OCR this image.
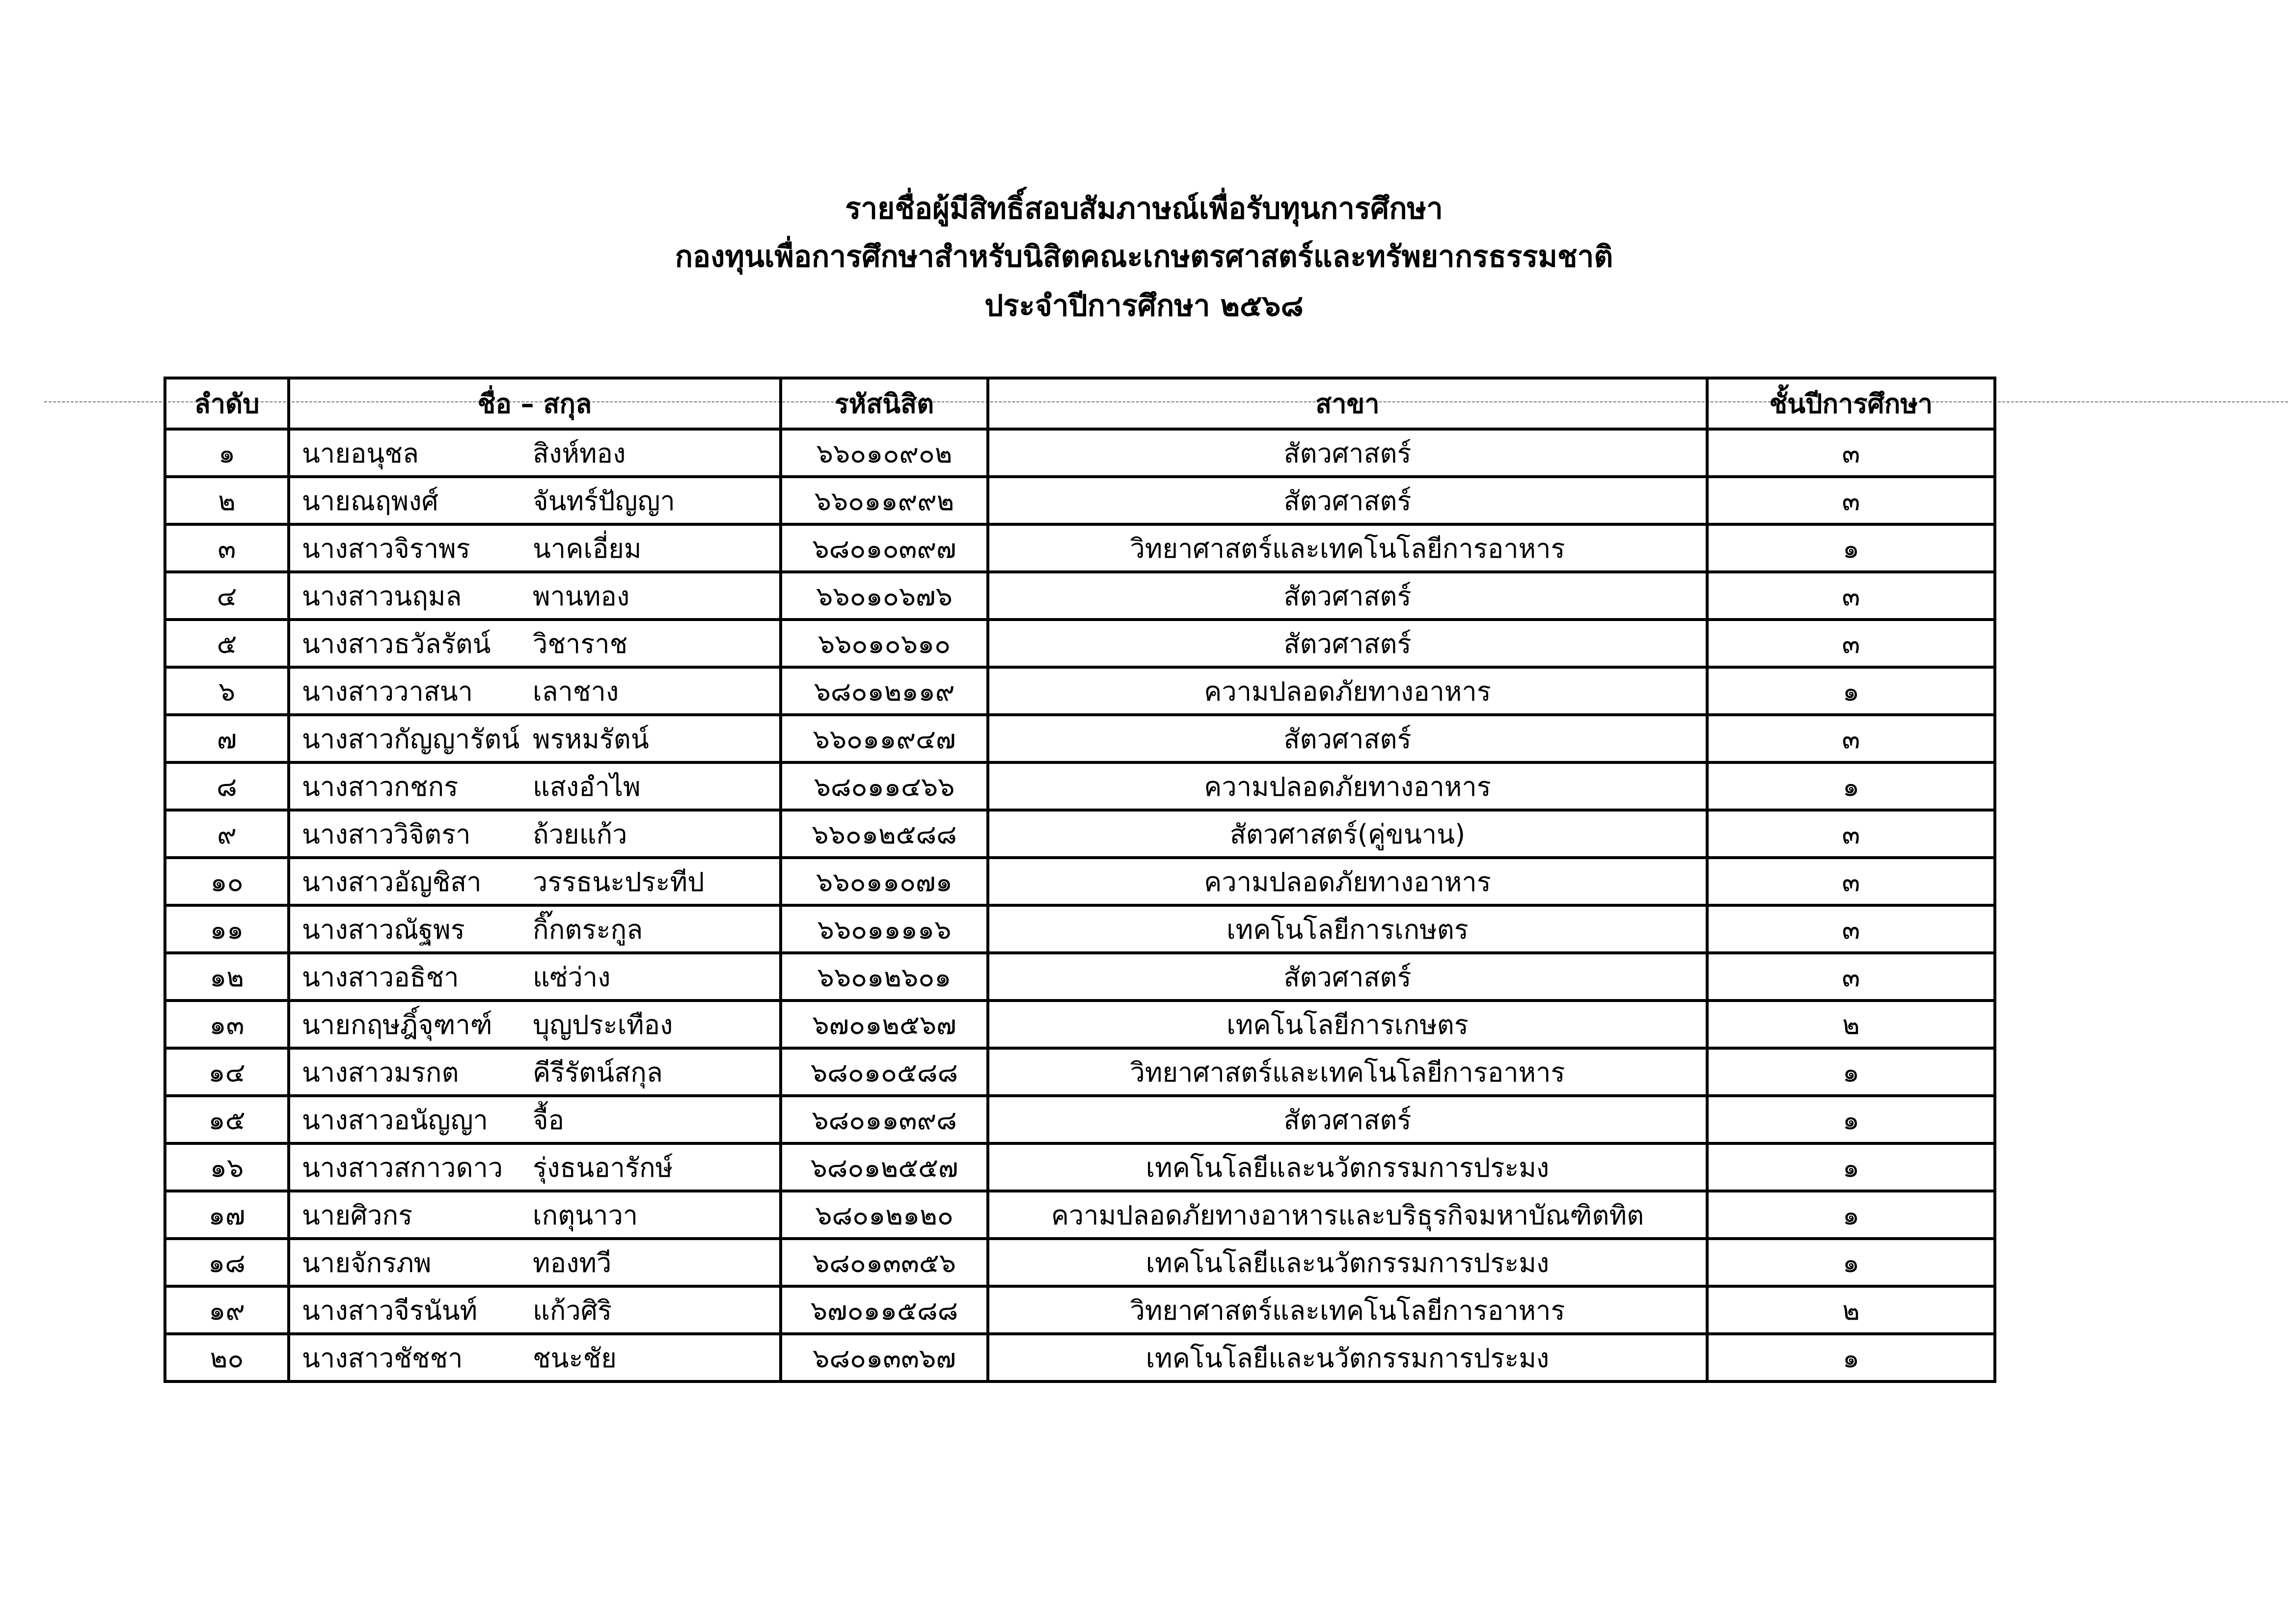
รายชื่อผู้มีสิทธิ์สอบสัมภาษณ์เพื่อรับทุนการศึกษา
กองทุนเพื่อการศึกษาสำหรับนิสิตคณะเกษตรศาสตร์และทรัพยากรธรรมชาติ
ประจำปีการศึกษา ๒๕๖๘
ลำดับ	ชื่อ – สกุล	รหัสนิสิต	สาขา	ชั้นปีการศึกษา
๑	นายอนุชล สิงห์ทอง	๖๖๐๑๐๙๐๒	สัตวศาสตร์	๓
๒	นายณฤพงศ์ จันทร์ปัญญา	๖๖๐๑๑๙๙๒	สัตวศาสตร์	๓
๓	นางสาวจิราพร นาคเอี่ยม	๖๘๐๑๐๓๙๗	วิทยาศาสตร์และเทคโนโลยีการอาหาร	๑
๔	นางสาวนฤมล พานทอง	๖๖๐๑๐๖๗๖	สัตวศาสตร์	๓
๕	นางสาวธวัลรัตน์ วิชาราช	๖๖๐๑๐๖๑๐	สัตวศาสตร์	๓
๖	นางสาววาสนา เลาชาง	๖๘๐๑๒๑๑๙	ความปลอดภัยทางอาหาร	๑
๗	นางสาวกัญญารัตน์ พรหมรัตน์	๖๖๐๑๑๙๔๗	สัตวศาสตร์	๓
๘	นางสาวกชกร แสงอำไพ	๖๘๐๑๑๔๖๖	ความปลอดภัยทางอาหาร	๑
๙	นางสาววิจิตรา ถ้วยแก้ว	๖๖๐๑๒๕๘๘	สัตวศาสตร์(คู่ขนาน)	๓
๑๐	นางสาวอัญชิสา วรรธนะประทีป	๖๖๐๑๑๐๗๑	ความปลอดภัยทางอาหาร	๓
๑๑	นางสาวณัฐพร กิ๊กตระกูล	๖๖๐๑๑๑๑๖	เทคโนโลยีการเกษตร	๓
๑๒	นางสาวอธิชา แซ่ว่าง	๖๖๐๑๒๖๐๑	สัตวศาสตร์	๓
๑๓	นายกฤษฎิ์จุฑาฑ์ บุญประเทือง	๖๗๐๑๒๕๖๗	เทคโนโลยีการเกษตร	๒
๑๔	นางสาวมรกต คีรีรัตน์สกุล	๖๘๐๑๐๕๘๘	วิทยาศาสตร์และเทคโนโลยีการอาหาร	๑
๑๕	นางสาวอนัญญา จื้อ	๖๘๐๑๑๓๙๘	สัตวศาสตร์	๑
๑๖	นางสาวสกาวดาว รุ่งธนอารักษ์	๖๘๐๑๒๕๕๗	เทคโนโลยีและนวัตกรรมการประมง	๑
๑๗	นายศิวกร เกตุนาวา	๖๘๐๑๒๑๒๐	ความปลอดภัยทางอาหารและบริธุรกิจมหาบัณฑิตทิต	๑
๑๘	นายจักรภพ ทองทวี	๖๘๐๑๓๓๕๖	เทคโนโลยีและนวัตกรรมการประมง	๑
๑๙	นางสาวจีรนันท์ แก้วศิริ	๖๗๐๑๑๕๘๘	วิทยาศาสตร์และเทคโนโลยีการอาหาร	๒
๒๐	นางสาวชัชชา ชนะชัย	๖๘๐๑๓๓๖๗	เทคโนโลยีและนวัตกรรมการประมง	๑
